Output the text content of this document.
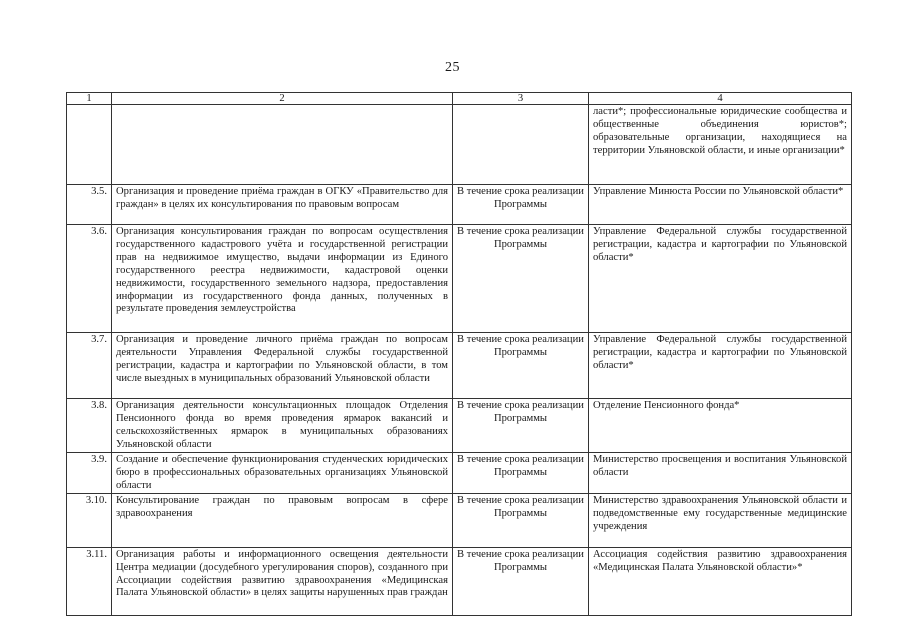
25
1	2	3	4
			ласти*; профессиональные юридические сообщества и общественные объединения юристов*; образовательные организации, находящиеся на территории Ульяновской области, и иные организации*
3.5.	Организация и проведение приёма граждан в ОГКУ «Правительство для граждан» в целях их консультирования по правовым вопросам	В течение срока реализации Программы	Управление Минюста России по Ульяновской области*
3.6.	Организация консультирования граждан по вопросам осуществления государственного кадастрового учёта и государственной регистрации прав на недвижимое имущество, выдачи информации из Единого государственного реестра недвижимости, кадастровой оценки недвижимости, государственного земельного надзора, предоставления информации из государственного фонда данных, полученных в результате проведения землеустройства	В течение срока реализации Программы	Управление Федеральной службы государственной регистрации, кадастра и картографии по Ульяновской области*
3.7.	Организация и проведение личного приёма граждан по вопросам деятельности Управления Федеральной службы государственной регистрации, кадастра и картографии по Ульяновской области, в том числе выездных в муниципальных образований Ульяновской области	В течение срока реализации Программы	Управление Федеральной службы государственной регистрации, кадастра и картографии по Ульяновской области*
3.8.	Организация деятельности консультационных площадок Отделения Пенсионного фонда во время проведения ярмарок вакансий и сельскохозяйственных ярмарок в муниципальных образованиях Ульяновской области	В течение срока реализации Программы	Отделение Пенсионного фонда*
3.9.	Создание и обеспечение функционирования студенческих юридических бюро в профессиональных образовательных организациях Ульяновской области	В течение срока реализации Программы	Министерство просвещения и воспитания Ульяновской области
3.10.	Консультирование граждан по правовым вопросам в сфере здравоохранения	В течение срока реализации Программы	Министерство здравоохранения Ульяновской области и подведомственные ему государственные медицинские учреждения
3.11.	Организация работы и информационного освещения деятельности Центра медиации (досудебного урегулирования споров), созданного при Ассоциации содействия развитию здравоохранения «Медицинская Палата Ульяновской области» в целях защиты нарушенных прав граждан	В течение срока реализации Программы	Ассоциация содействия развитию здравоохранения «Медицинская Палата Ульяновской области»*
